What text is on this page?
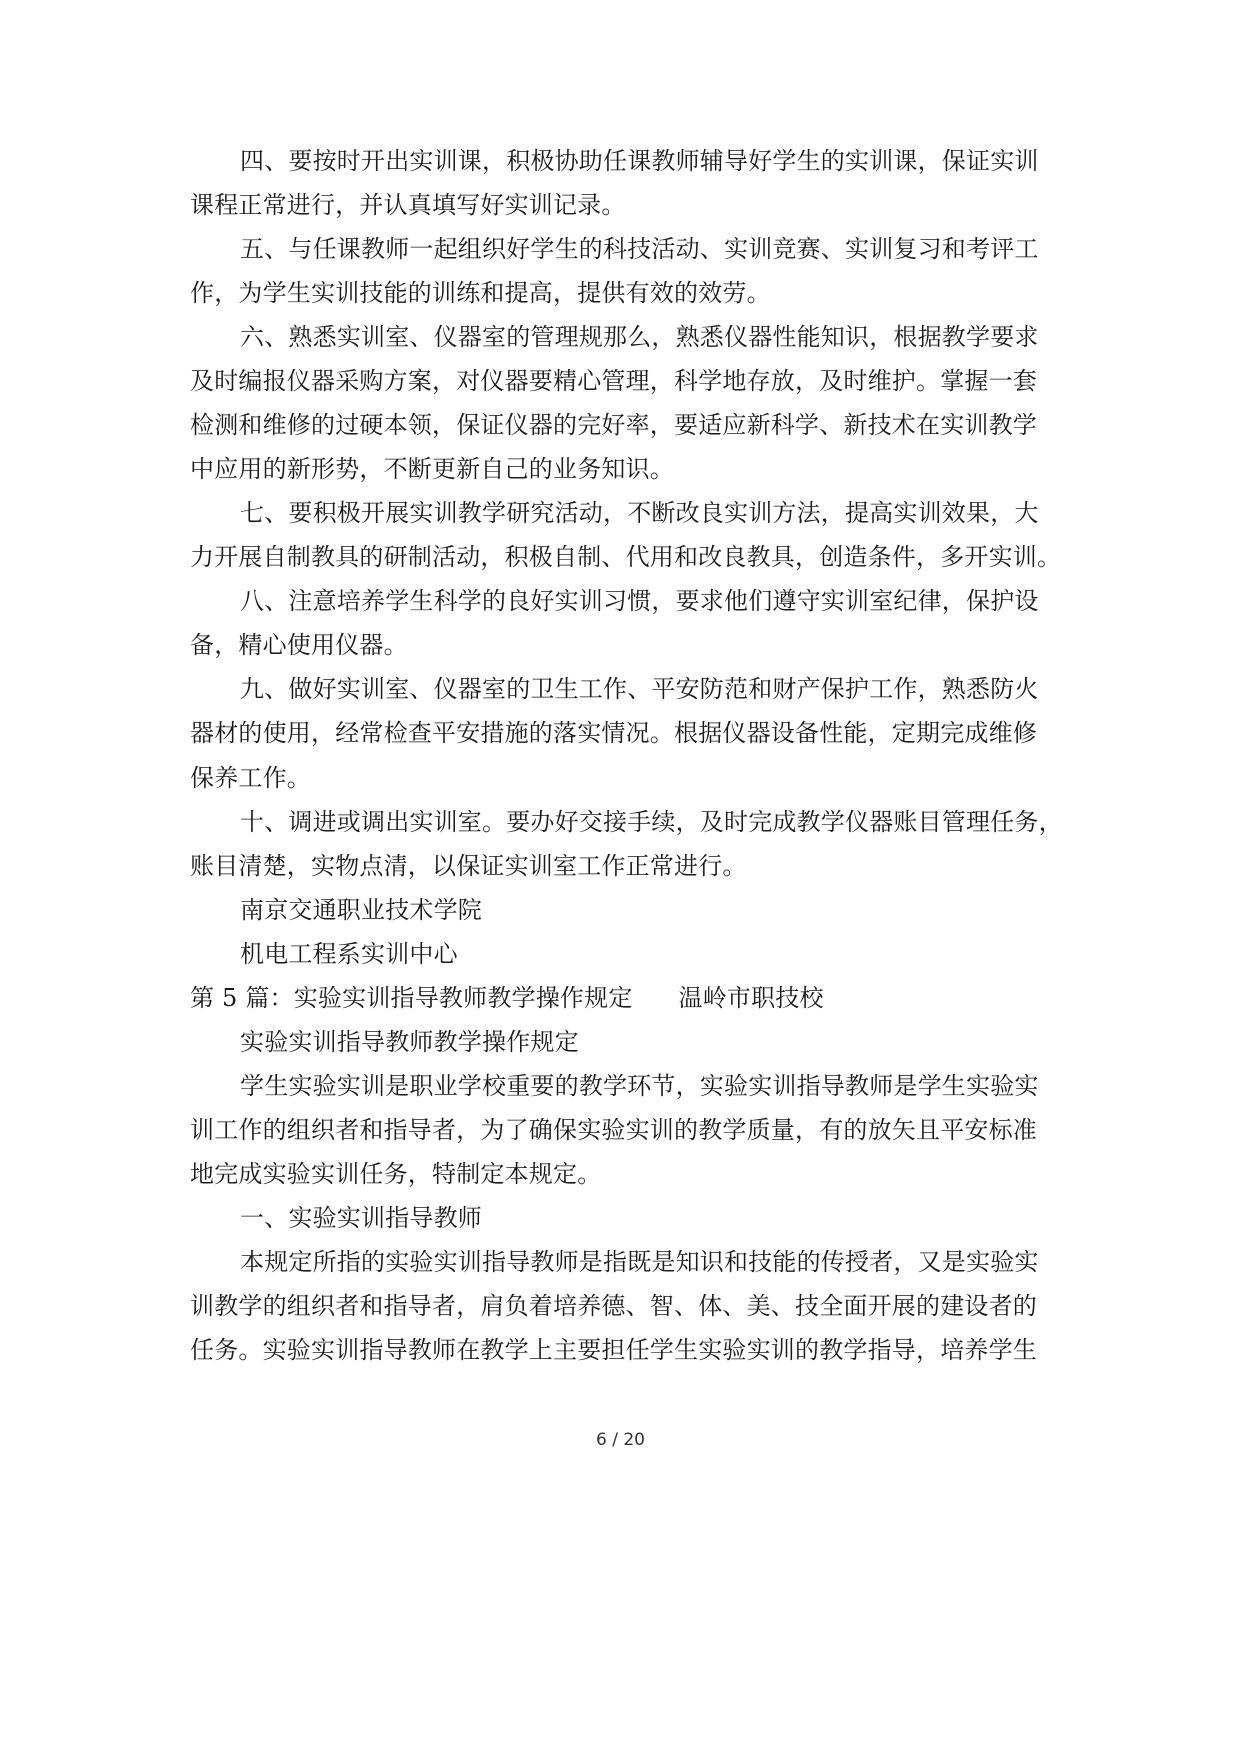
四、要按时开出实训课，积极协助任课教师辅导好学生的实训课，保证实训
课程正常进行，并认真填写好实训记录。
五、与任课教师一起组织好学生的科技活动、实训竞赛、实训复习和考评工
作，为学生实训技能的训练和提高，提供有效的效劳。
六、熟悉实训室、仪器室的管理规那么，熟悉仪器性能知识，根据教学要求
及时编报仪器采购方案，对仪器要精心管理，科学地存放，及时维护。掌握一套
检测和维修的过硬本领，保证仪器的完好率，要适应新科学、新技术在实训教学
中应用的新形势，不断更新自己的业务知识。
七、要积极开展实训教学研究活动，不断改良实训方法，提高实训效果，大
力开展自制教具的研制活动，积极自制、代用和改良教具，创造条件，多开实训。
八、注意培养学生科学的良好实训习惯，要求他们遵守实训室纪律，保护设
备，精心使用仪器。
九、做好实训室、仪器室的卫生工作、平安防范和财产保护工作，熟悉防火
器材的使用，经常检查平安措施的落实情况。根据仪器设备性能，定期完成维修
保养工作。
十、调进或调出实训室。要办好交接手续，及时完成教学仪器账目管理任务，
账目清楚，实物点清，以保证实训室工作正常进行。
南京交通职业技术学院
机电工程系实训中心
第 5 篇：实验实训指导教师教学操作规定 温岭市职技校
实验实训指导教师教学操作规定
学生实验实训是职业学校重要的教学环节，实验实训指导教师是学生实验实
训工作的组织者和指导者，为了确保实验实训的教学质量，有的放矢且平安标准
地完成实验实训任务，特制定本规定。
一、实验实训指导教师
本规定所指的实验实训指导教师是指既是知识和技能的传授者，又是实验实
训教学的组织者和指导者，肩负着培养德、智、体、美、技全面开展的建设者的
任务。实验实训指导教师在教学上主要担任学生实验实训的教学指导，培养学生
6 / 20
